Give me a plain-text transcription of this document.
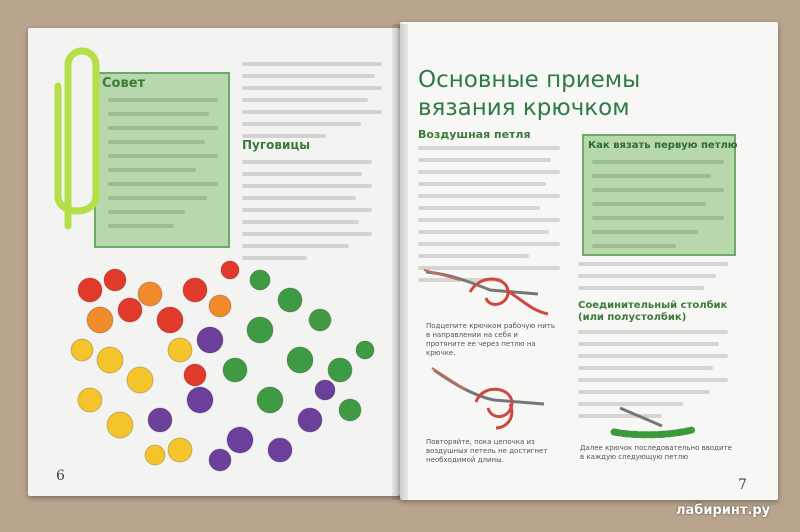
Совет
Пуговицы
6
Основные приемы
вязания крючком
Воздушная петля
Как вязать первую петлю
Подцепите крючком рабочую нить в направлении на себя и протяните ее через петлю на крючке.
Повторяйте, пока цепочка из воздушных петель не достигнет необходимой длины.
Соединительный столбик
(или полустолбик)
Далее крючок последовательно вводите в каждую следующую петлю
7
лабиринт.ру
